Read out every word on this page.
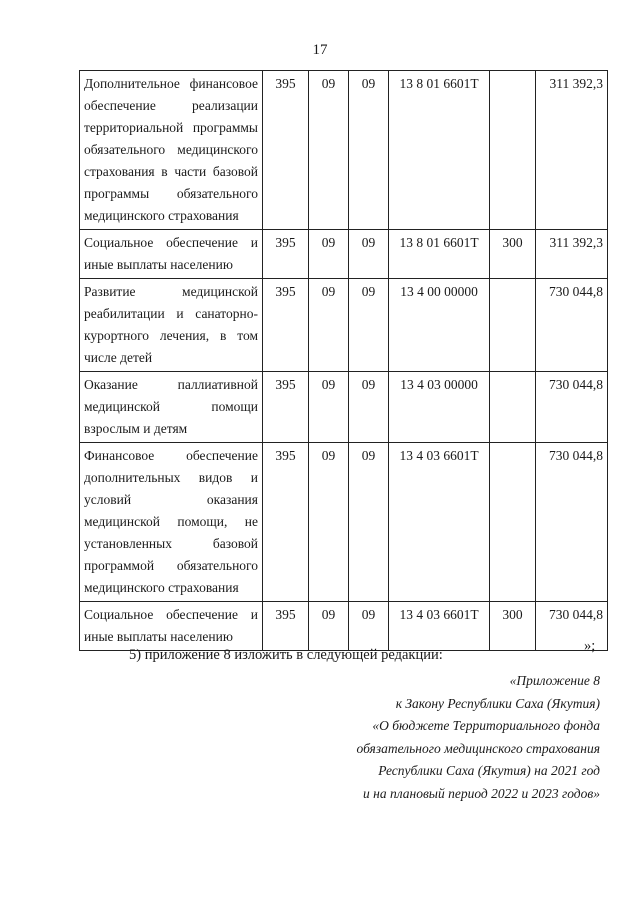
17
Дополнительное финансовое обеспечение реализации территориальной программы обязательного медицинского страхования в части базовой программы обязательного медицинского страхования	395	09	09	13 8 01 6601Т		311 392,3
Социальное обеспечение и иные выплаты населению	395	09	09	13 8 01 6601Т	300	311 392,3
Развитие медицинской реабилитации и санаторно-курортного лечения, в том числе детей	395	09	09	13 4 00 00000		730 044,8
Оказание паллиативной медицинской помощи взрослым и детям	395	09	09	13 4 03 00000		730 044,8
Финансовое обеспечение дополнительных видов и условий оказания медицинской помощи, не установленных базовой программой обязательного медицинского страхования	395	09	09	13 4 03 6601Т		730 044,8
Социальное обеспечение и иные выплаты населению	395	09	09	13 4 03 6601Т	300	730 044,8
»;
5) приложение 8 изложить в следующей редакции:
«Приложение 8
к Закону Республики Саха (Якутия)
«О бюджете Территориального фонда
обязательного медицинского страхования
Республики Саха (Якутия) на 2021 год
и на плановый период 2022 и 2023 годов»
